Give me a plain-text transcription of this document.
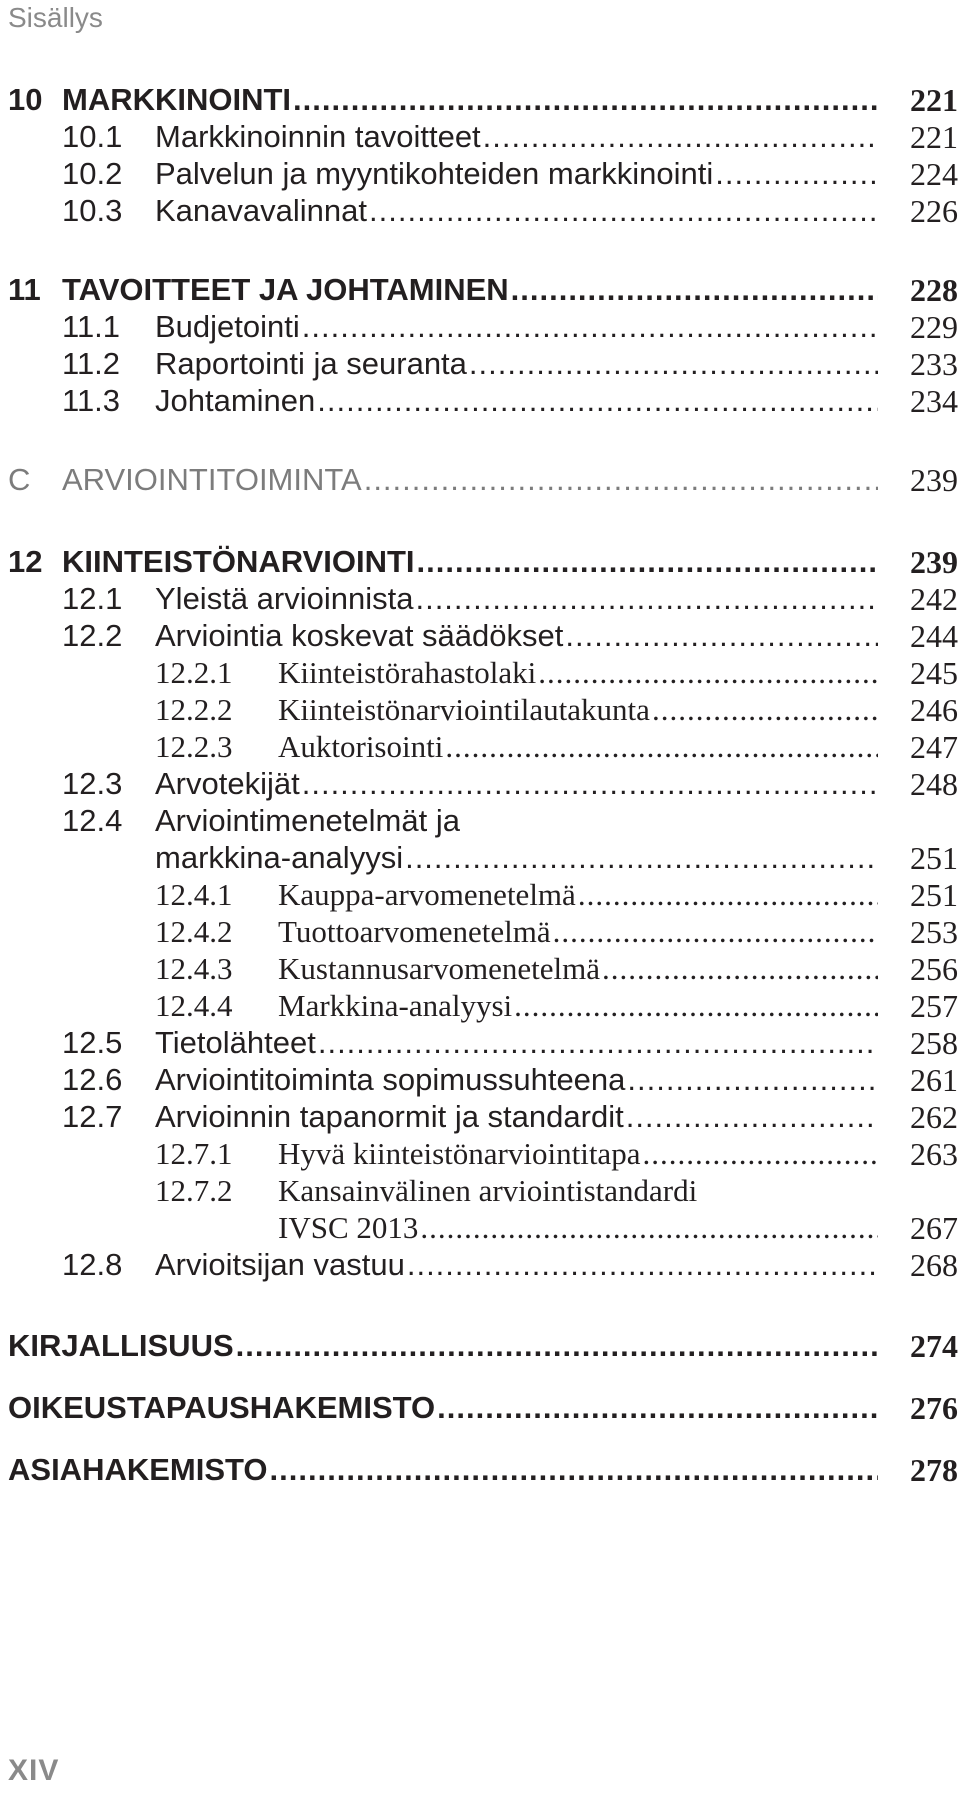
Sisällys
10 MARKKINOINTI .....	221
10.1 Markkinoinnin tavoitteet .....	221
10.2 Palvelun ja myyntikohteiden markkinointi .....	224
10.3 Kanavavalinnat .....	226
11 TAVOITTEET JA JOHTAMINEN .....	228
11.1 Budjetointi .....	229
11.2 Raportointi ja seuranta .....	233
11.3 Johtaminen .....	234
C ARVIOINTITOIMINTA .....	239
12 KIINTEISTÖNARVIOINTI .....	239
12.1 Yleistä arvioinnista .....	242
12.2 Arviointia koskevat säädökset .....	244
12.2.1 Kiinteistörahastolaki .....	245
12.2.2 Kiinteistönarviointilautakunta .....	246
12.2.3 Auktorisointi .....	247
12.3 Arvotekijät .....	248
12.4 Arviointimenetelmät ja
markkina-analyysi .....	251
12.4.1 Kauppa-arvomenetelmä .....	251
12.4.2 Tuottoarvomenetelmä .....	253
12.4.3 Kustannusarvomenetelmä .....	256
12.4.4 Markkina-analyysi .....	257
12.5 Tietolähteet .....	258
12.6 Arviointitoiminta sopimussuhteena .....	261
12.7 Arvioinnin tapanormit ja standardit .....	262
12.7.1 Hyvä kiinteistönarviointitapa .....	263
12.7.2 Kansainvälinen arviointistandardi
IVSC 2013 .....	267
12.8 Arvioitsijan vastuu .....	268
KIRJALLISUUS .....	274
OIKEUSTAPAUSHAKEMISTO .....	276
ASIAHAKEMISTO .....	278
XIV
